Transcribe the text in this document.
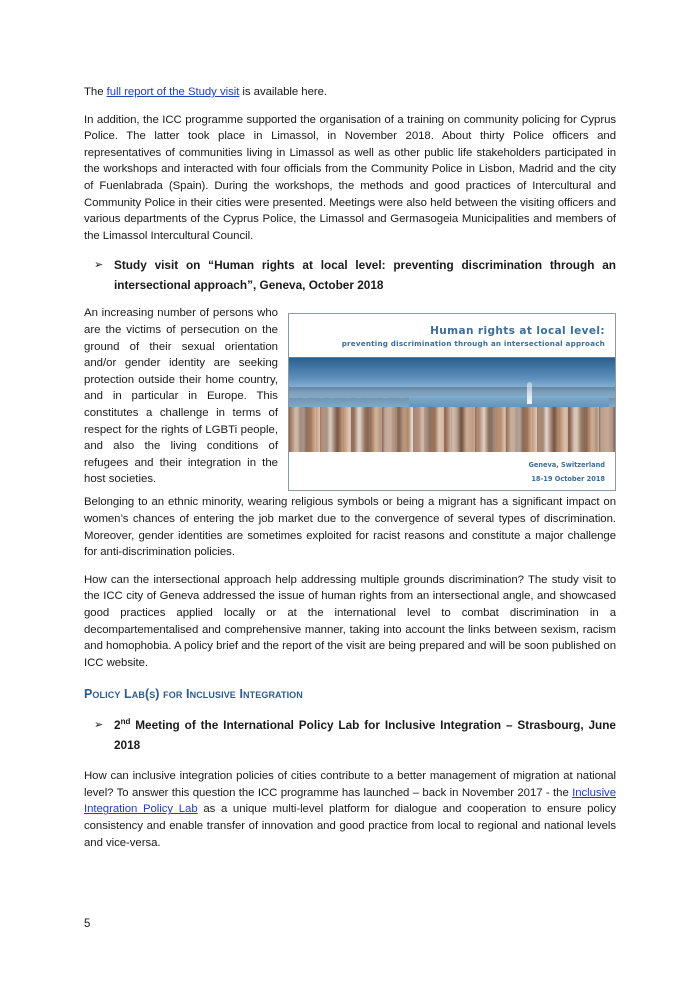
The full report of the Study visit is available here.

In addition, the ICC programme supported the organisation of a training on community policing for Cyprus Police. The latter took place in Limassol, in November 2018. About thirty Police officers and representatives of communities living in Limassol as well as other public life stakeholders participated in the workshops and interacted with four officials from the Community Police in Lisbon, Madrid and the city of Fuenlabrada (Spain). During the workshops, the methods and good practices of Intercultural and Community Police in their cities were presented. Meetings were also held between the visiting officers and various departments of the Cyprus Police, the Limassol and Germasogeia Municipalities and members of the Limassol Intercultural Council.

➢ Study visit on “Human rights at local level: preventing discrimination through an intersectional approach”, Geneva, October 2018

An increasing number of persons who are the victims of persecution on the ground of their sexual orientation and/or gender identity are seeking protection outside their home country, and in particular in Europe. This constitutes a challenge in terms of respect for the rights of LGBTi people, and also the living conditions of refugees and their integration in the host societies.

Human rights at local level:
preventing discrimination through an intersectional approach
Geneva, Switzerland
18-19 October 2018

Belonging to an ethnic minority, wearing religious symbols or being a migrant has a significant impact on women’s chances of entering the job market due to the convergence of several types of discrimination. Moreover, gender identities are sometimes exploited for racist reasons and constitute a major challenge for anti-discrimination policies.

How can the intersectional approach help addressing multiple grounds discrimination? The study visit to the ICC city of Geneva addressed the issue of human rights from an intersectional angle, and showcased good practices applied locally or at the international level to combat discrimination in a decompartementalised and comprehensive manner, taking into account the links between sexism, racism and homophobia. A policy brief and the report of the visit are being prepared and will be soon published on ICC website.

Policy Lab(s) for Inclusive Integration
➢ 2nd Meeting of the International Policy Lab for Inclusive Integration – Strasbourg, June 2018

How can inclusive integration policies of cities contribute to a better management of migration at national level? To answer this question the ICC programme has launched – back in November 2017 - the Inclusive Integration Policy Lab as a unique multi-level platform for dialogue and cooperation to ensure policy consistency and enable transfer of innovation and good practice from local to regional and national levels and vice-versa.

5
